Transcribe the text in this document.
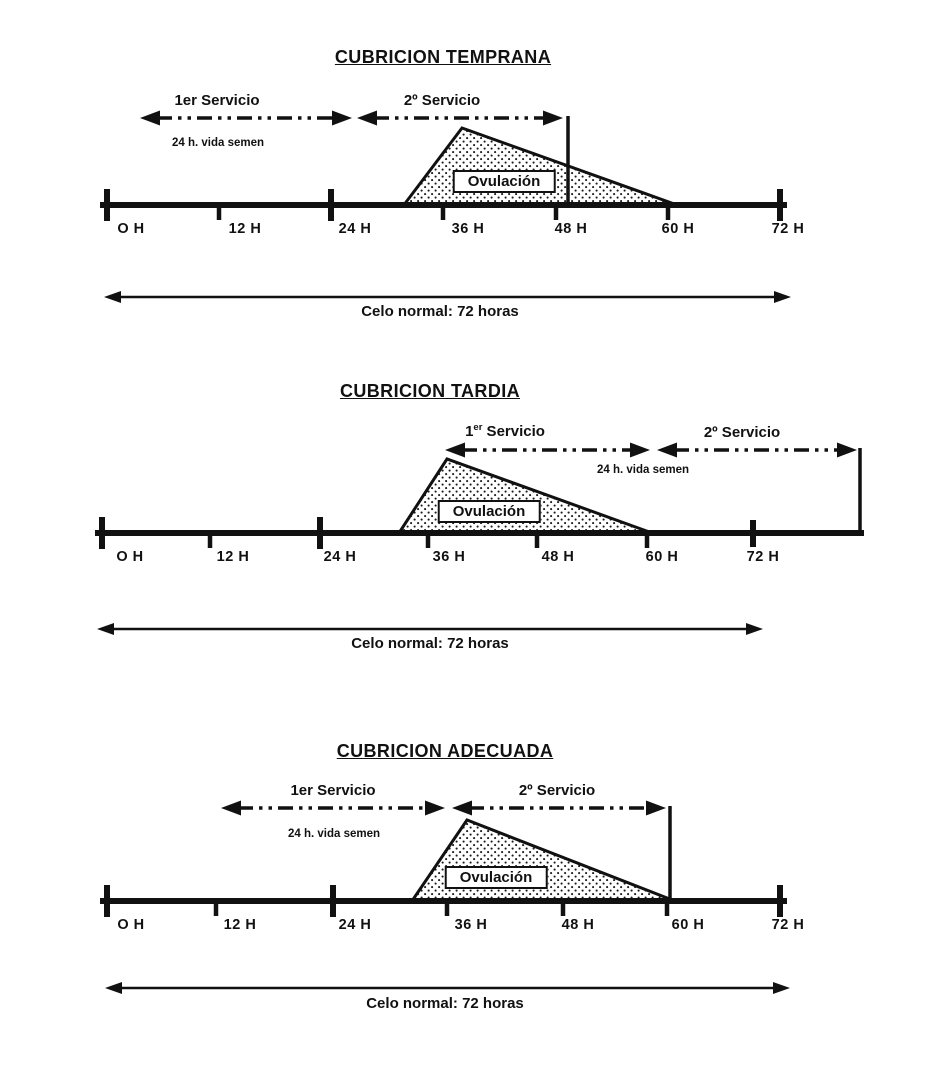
CUBRICION TEMPRANA
1er Servicio	2º Servicio
24 h. vida semen
Ovulación
O H	12 H	24 H	36 H	48 H	60 H	72 H
Celo normal: 72 horas
CUBRICION TARDIA
1er Servicio	2º Servicio
24 h. vida semen
Ovulación
O H	12 H	24 H	36 H	48 H	60 H	72 H
Celo normal: 72 horas
CUBRICION ADECUADA
1er Servicio	2º Servicio
24 h. vida semen
Ovulación
O H	12 H	24 H	36 H	48 H	60 H	72 H
Celo normal: 72 horas
